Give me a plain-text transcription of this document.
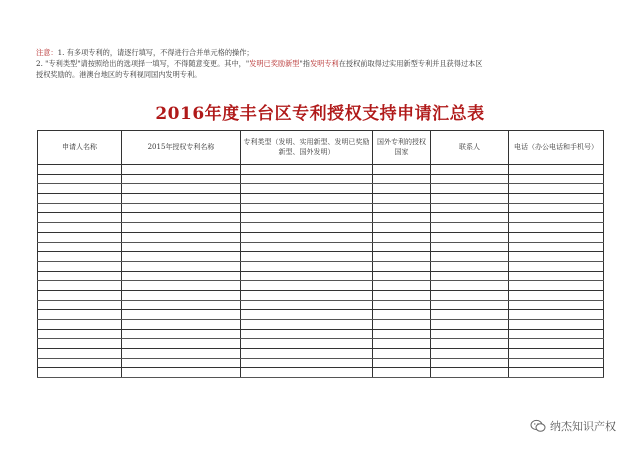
注意：1. 有多项专利的，请逐行填写，不得进行合并单元格的操作；
2. "专利类型"请按照给出的选项择一填写，不得随意变更。其中，"发明已奖励新型"指发明专利在授权前取得过实用新型专利并且获得过本区
授权奖励的。港澳台地区的专利视同国内发明专利。
2016年度丰台区专利授权支持申请汇总表
申请人名称	2015年授权专利名称	专利类型（发明、实用新型、发明已奖励新型、国外发明）	国外专利的授权国家	联系人	电话（办公电话和手机号）

纳杰知识产权
